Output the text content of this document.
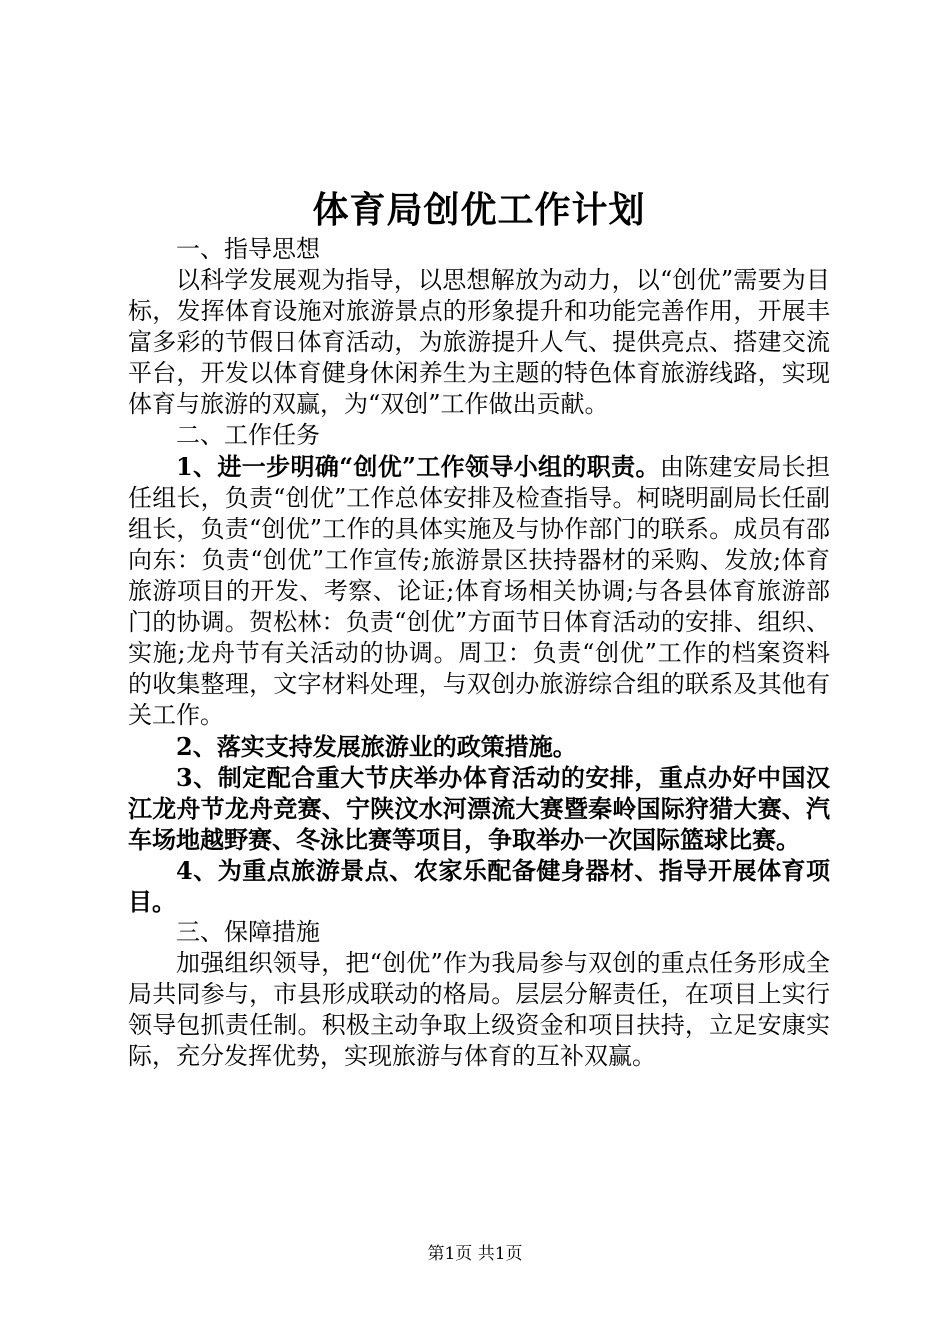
体育局创优工作计划

一、指导思想

以科学发展观为指导，以思想解放为动力，以“创优”需要为目标，发挥体育设施对旅游景点的形象提升和功能完善作用，开展丰富多彩的节假日体育活动，为旅游提升人气、提供亮点、搭建交流平台，开发以体育健身休闲养生为主题的特色体育旅游线路，实现体育与旅游的双赢，为“双创”工作做出贡献。

二、工作任务

1、进一步明确“创优”工作领导小组的职责。由陈建安局长担任组长，负责“创优”工作总体安排及检查指导。柯晓明副局长任副组长，负责“创优”工作的具体实施及与协作部门的联系。成员有邵向东：负责“创优”工作宣传;旅游景区扶持器材的采购、发放;体育旅游项目的开发、考察、论证;体育场相关协调;与各县体育旅游部门的协调。贺松林：负责“创优”方面节日体育活动的安排、组织、实施;龙舟节有关活动的协调。周卫：负责“创优”工作的档案资料的收集整理，文字材料处理，与双创办旅游综合组的联系及其他有关工作。

2、落实支持发展旅游业的政策措施。

3、制定配合重大节庆举办体育活动的安排，重点办好中国汉江龙舟节龙舟竞赛、宁陕汶水河漂流大赛暨秦岭国际狩猎大赛、汽车场地越野赛、冬泳比赛等项目，争取举办一次国际篮球比赛。

4、为重点旅游景点、农家乐配备健身器材、指导开展体育项目。

三、保障措施

加强组织领导，把“创优”作为我局参与双创的重点任务形成全局共同参与，市县形成联动的格局。层层分解责任，在项目上实行领导包抓责任制。积极主动争取上级资金和项目扶持，立足安康实际，充分发挥优势，实现旅游与体育的互补双赢。

第1页 共1页
